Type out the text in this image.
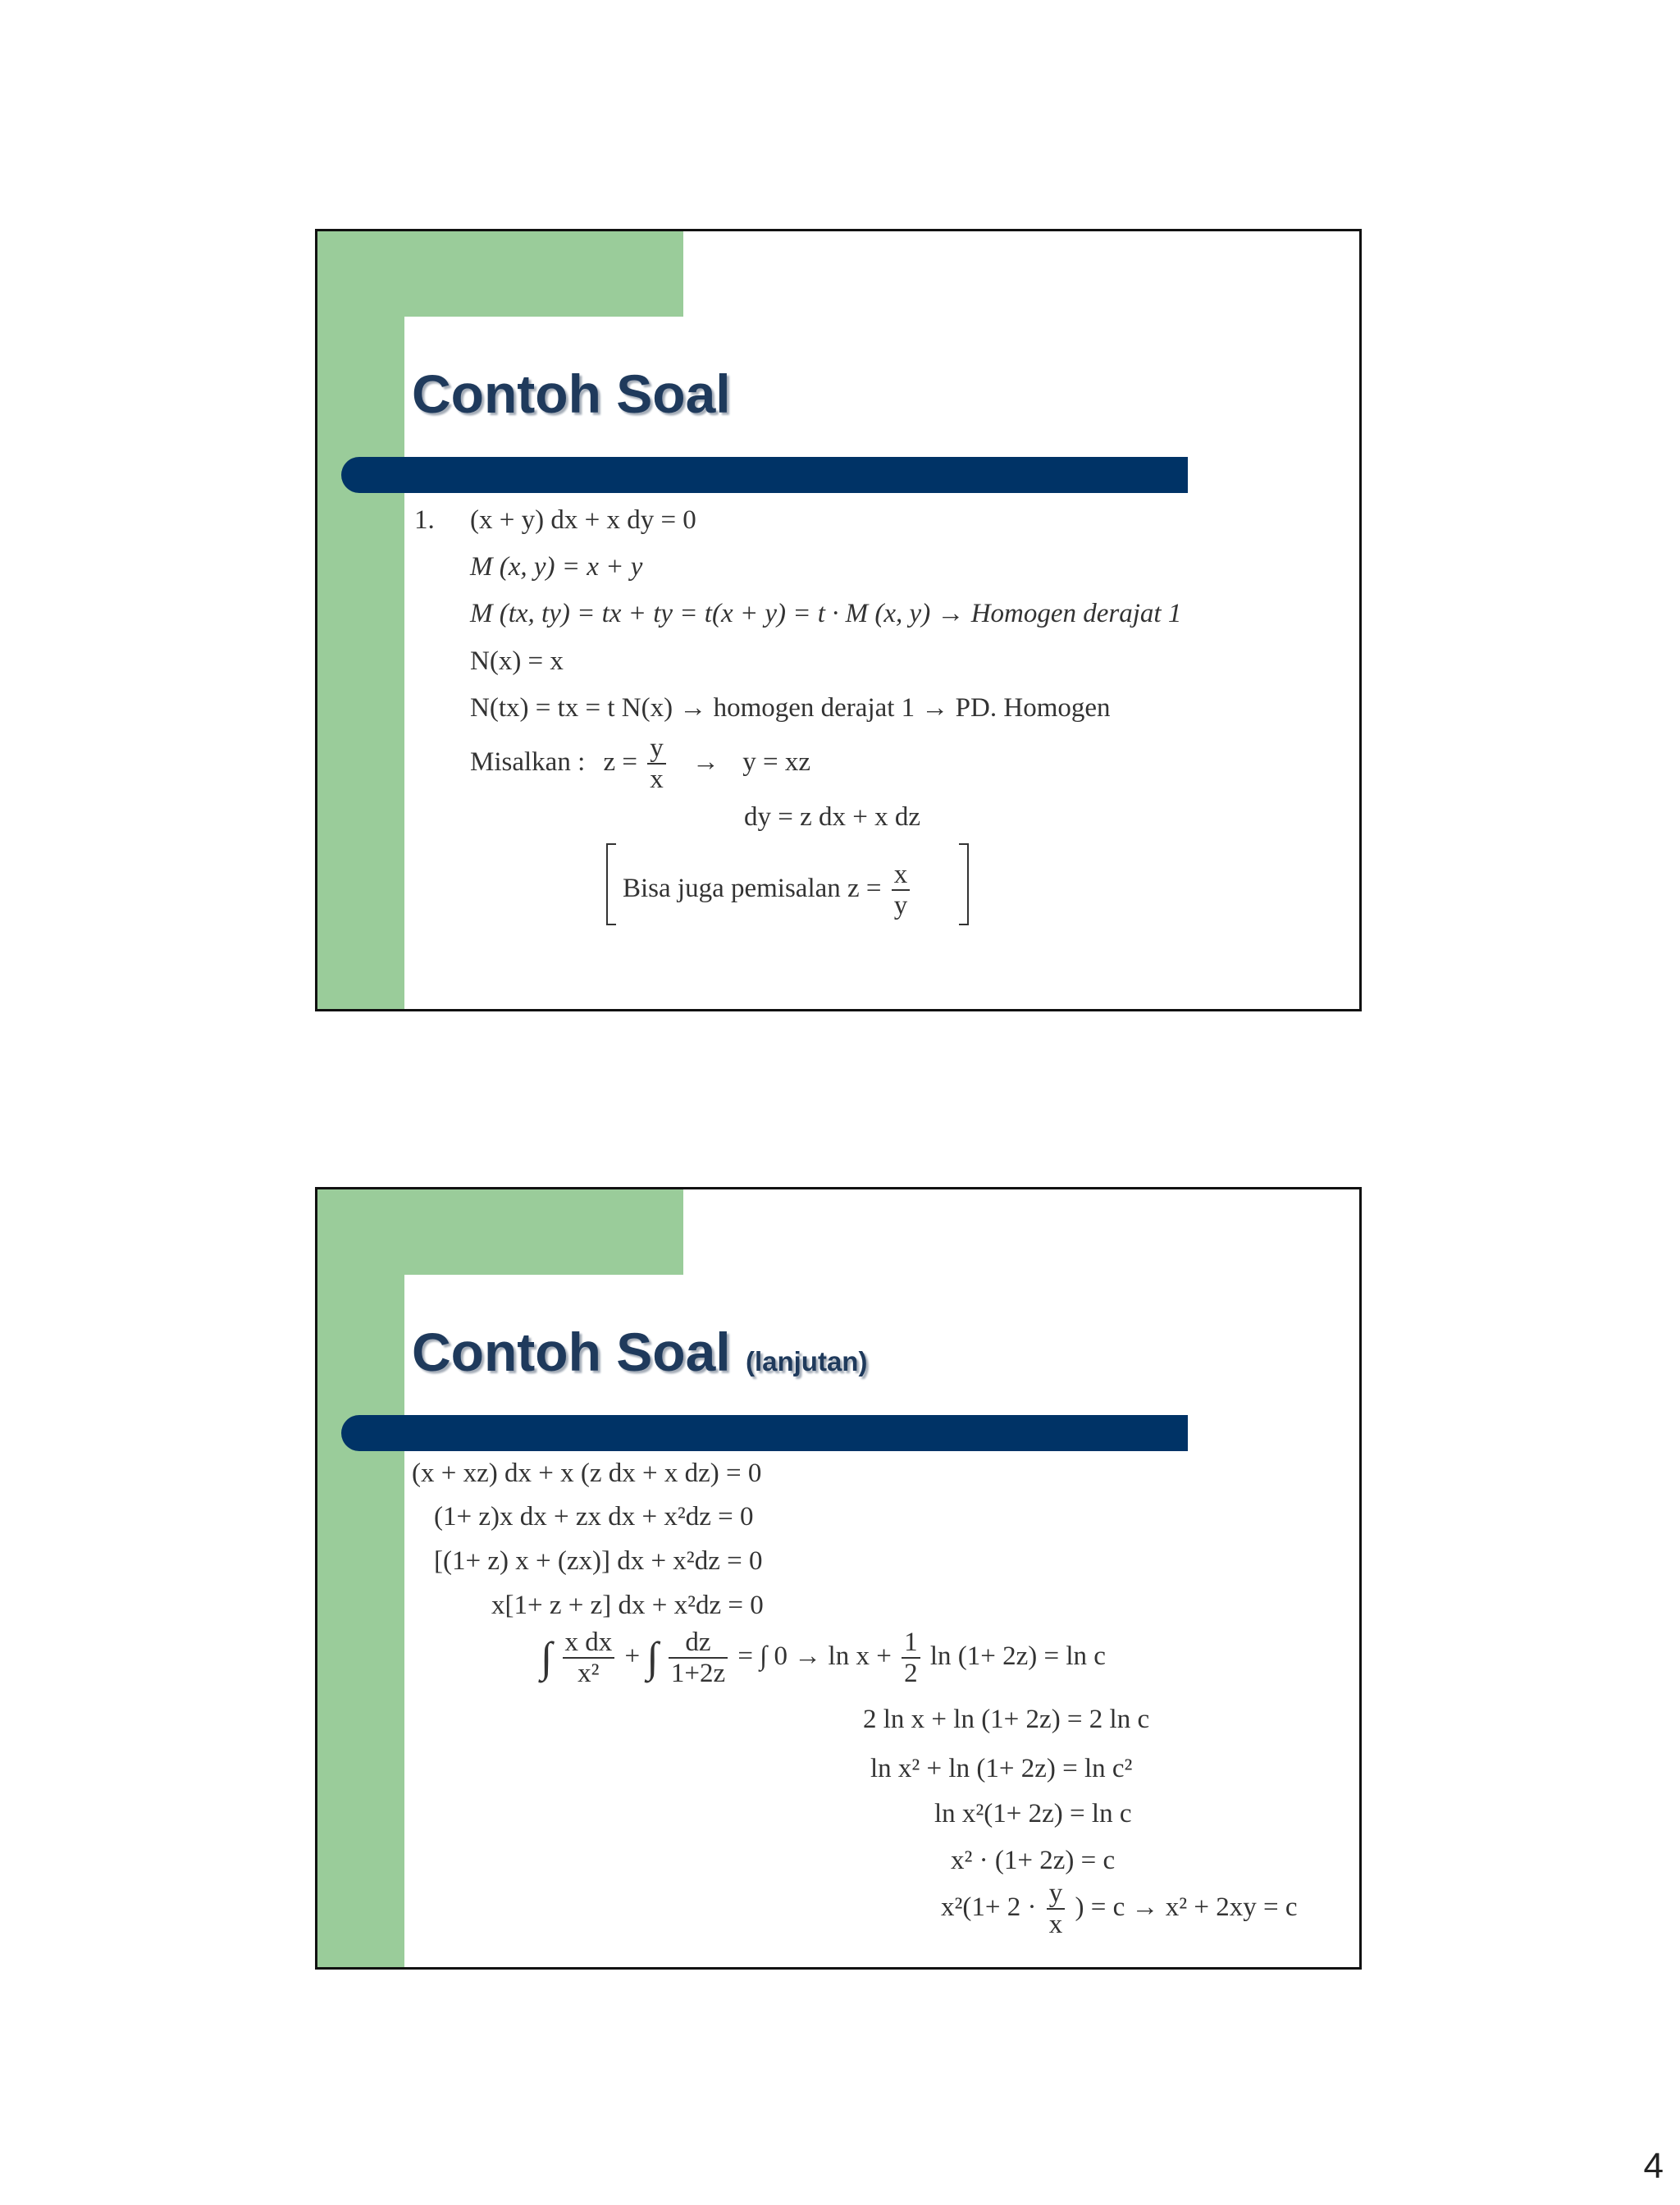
Contoh Soal
1. (x + y) dx + x dy = 0
M (x, y) = x + y
M (tx, ty) = tx + ty = t(x + y) = t · M (x, y) → Homogen derajat 1
N(x) = x
N(tx) = tx = t N(x) → homogen derajat 1 → PD. Homogen
Misalkan : $z = \frac{y}{x} \to y$ = xz
dy = z dx + x dz
Bisa juga pemisalan $z = \frac{x}{y}$
Contoh Soal (lanjutan)
(x + xz) dx + x (z dx + x dz) = 0
(1+ z)x dx + zx dx + x²dz = 0
[(1+ z) x + (zx)] dx + x²dz = 0
x[1+ z + z] dx + x²dz = 0
∫ $\frac{\text{x dx}}{\text{x²}}$ + ∫ $\frac{dz}{1+2z}$ = ∫ $0 \to \ln x + \frac{1}{2}$ ln (1+ 2z) = ln c
2 ln x + ln (1+ 2z) = 2 ln c
ln x² + ln (1+ 2z) = ln c²
ln x²(1+ 2z) = ln c
x² · (1+ 2z) = c
$x^2(1+ 2 \cdot \frac{y}{x}$ ) = c → x² + 2xy = c
4
